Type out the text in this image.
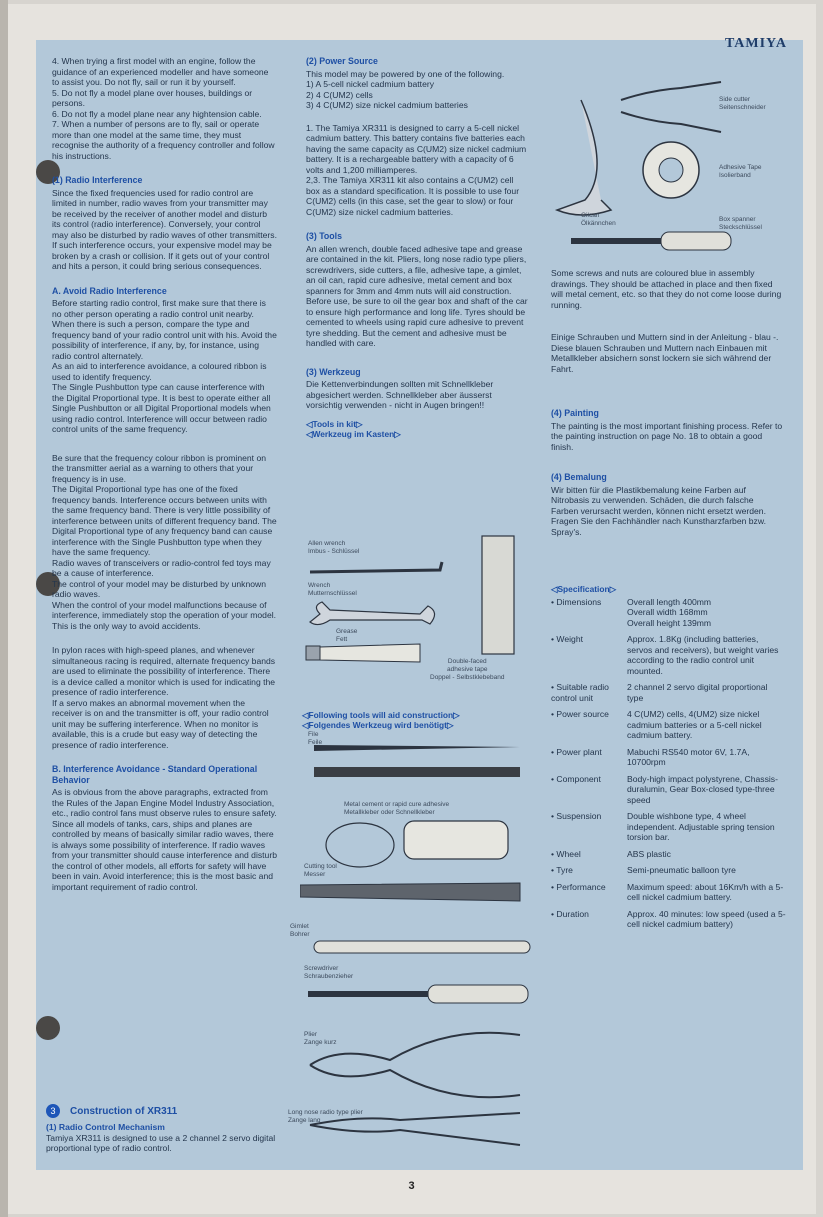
TAMIYA

4. When trying a first model with an engine, follow the guidance of an experienced modeller and have someone to assist you. Do not fly, sail or run it by yourself.

5. Do not fly a model plane over houses, buildings or persons.

6. Do not fly a model plane near any hightension cable.

7. When a number of persons are to fly, sail or operate more than one model at the same time, they must recognise the authority of a frequency controller and follow his instructions.

(1) Radio Interference

Since the fixed frequencies used for radio control are limited in number, radio waves from your transmitter may be received by the receiver of another model and disturb its control (radio interference). Conversely, your control may also be disturbed by radio waves of other transmitters. If such interference occurs, your expensive model may be broken by a crash or collision. If it gets out of your control and hits a person, it could bring serious consequences.

A. Avoid Radio Interference

Before starting radio control, first make sure that there is no other person operating a radio control unit nearby. When there is such a person, compare the type and frequency band of your radio control unit with his. Avoid the possibility of interference, if any, by, for instance, using radio control alternately.

As an aid to interference avoidance, a coloured ribbon is used to identify frequency.

The Single Pushbutton type can cause interference with the Digital Proportional type. It is best to operate either all Single Pushbutton or all Digital Proportional models when using radio control. Interference will occur between radio control units of the same frequency.

Be sure that the frequency colour ribbon is prominent on the transmitter aerial as a warning to others that your frequency is in use.

The Digital Proportional type has one of the fixed frequency bands. Interference occurs between units with the same frequency band. There is very little possibility of interference between units of different frequency band. The Digital Proportional type of any frequency band can cause interference with the Single Pushbutton type when they have the same frequency.

Radio waves of transceivers or radio-control fed toys may be a cause of interference.

The control of your model may be disturbed by unknown radio waves.

When the control of your model malfunctions because of interference, immediately stop the operation of your model. This is the only way to avoid accidents.

In pylon races with high-speed planes, and whenever simultaneous racing is required, alternate frequency bands are used to eliminate the possibility of interference. There is a device called a monitor which is used for indicating the presence of radio interference.

If a servo makes an abnormal movement when the receiver is on and the transmitter is off, your radio control unit may be suffering interference. When no monitor is available, this is a crude but easy way of detecting the presence of radio interference.

B. Interference Avoidance - Standard Operational Behavior

As is obvious from the above paragraphs, extracted from the Rules of the Japan Engine Model Industry Association, etc., radio control fans must observe rules to ensure safety. Since all models of tanks, cars, ships and planes are controlled by means of basically similar radio waves, there is always some possibility of interference. If radio waves from your transmitter should cause interference and disturb the control of other models, all efforts for safety will have been in vain. Avoid interference; this is the most basic and important requirement of radio control.

3 Construction of XR311
(1) Radio Control Mechanism
Tamiya XR311 is designed to use a 2 channel 2 servo digital proportional type of radio control.
(2) Power Source

This model may be powered by one of the following.

1) A 5-cell nickel cadmium battery
2) 4 C(UM2) cells
3) 4 C(UM2) size nickel cadmium batteries

1. The Tamiya XR311 is designed to carry a 5-cell nickel cadmium battery. This battery contains five batteries each having the same capacity as C(UM2) size nickel cadmium battery. It is a rechargeable battery with a capacity of 6 volts and 1,200 milliamperes.

2,3. The Tamiya XR311 kit also contains a C(UM2) cell box as a standard specification. It is possible to use four C(UM2) cells (in this case, set the gear to slow) or four C(UM2) size nickel cadmium batteries.

(3) Tools

An allen wrench, double faced adhesive tape and grease are contained in the kit. Pliers, long nose radio type pliers, screwdrivers, side cutters, a file, adhesive tape, a gimlet, an oil can, rapid cure adhesive, metal cement and box spanners for 3mm and 4mm nuts will aid construction. Before use, be sure to oil the gear box and shaft of the car to ensure high performance and long life. Tyres should be cemented to wheels using rapid cure adhesive to prevent tyre shedding. But the cement and adhesive must be handled with care.

(3) Werkzeug

Die Kettenverbindungen sollten mit Schnellkleber abgesichert werden. Schnellkleber aber äusserst vorsichtig verwenden - nicht in Augen bringen!!

◁Tools in kit▷
◁Werkzeug im Kasten▷
Allen wrench
Imbus - Schlüssel
Wrench
Mutternschlüssel
Grease
Fett
Double-faced
adhesive tape
Doppel - Selbstklebeband
◁Following tools will aid construction▷
◁Folgendes Werkzeug wird benötigt▷
File
Feile
Metal cement or rapid cure adhesive
Metallkleber oder Schnellkleber
Cutting tool
Messer
Gimlet
Bohrer
Screwdriver
Schraubenzieher
Plier
Zange kurz
Long nose radio type plier
Zange lang
Side cutter
Seitenschneider
Adhesive Tape
Isolierband
Oilcan
Ölkännchen
Box spanner
Steckschlüssel

Some screws and nuts are coloured blue in assembly drawings. They should be attached in place and then fixed will metal cement, etc. so that they do not come loose during running.

Einige Schrauben und Muttern sind in der Anleitung - blau -. Diese blauen Schrauben und Muttern nach Einbauen mit Metallkleber absichern sonst lockern sie sich während der Fahrt.

(4) Painting

The painting is the most important finishing process. Refer to the painting instruction on page No. 18 to obtain a good finish.

(4) Bemalung

Wir bitten für die Plastikbemalung keine Farben auf Nitrobasis zu verwenden. Schäden, die durch falsche Farben verursacht werden, können nicht ersetzt werden. Fragen Sie den Fachhändler nach Kunstharzfarben bzw. Spray's.

◁Specification▷
• Dimensions	Overall length 400mm
Overall width 168mm
Overall height 139mm
• Weight	Approx. 1.8Kg (including batteries, servos and receivers), but weight varies according to the radio control unit mounted.
• Suitable radio control unit
2 channel 2 servo digital proportional type
• Power source	4 C(UM2) cells, 4(UM2) size nickel cadmium batteries or a 5-cell nickel cadmium battery.
• Power plant	Mabuchi RS540 motor 6V, 1.7A, 10700rpm
• Component	Body-high impact polystyrene, Chassis-duralumin, Gear Box-closed type-three speed
• Suspension	Double wishbone type, 4 wheel independent. Adjustable spring tension torsion bar.
• Wheel	ABS plastic
• Tyre	Semi-pneumatic balloon tyre
• Performance	Maximum speed: about 16Km/h with a 5-cell nickel cadmium battery.
• Duration	Approx. 40 minutes: low speed (used a 5-cell nickel cadmium battery)
3
